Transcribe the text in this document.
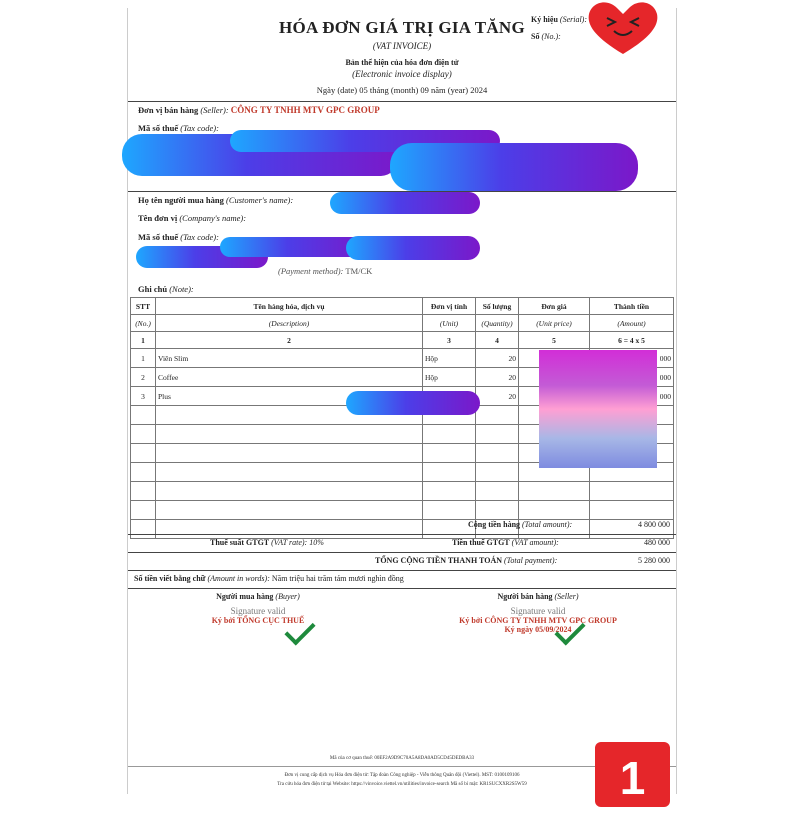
HÓA ĐƠN GIÁ TRỊ GIA TĂNG
(VAT INVOICE)
Bản thể hiện của hóa đơn điện tử
(Electronic invoice display)
Ngày (date) 05 tháng (month) 09 năm (year) 2024
Ký hiệu (Serial):
Số (No.):
Đơn vị bán hàng (Seller): CÔNG TY TNHH MTV GPC GROUP
Mã số thuế (Tax code):
Họ tên người mua hàng (Customer's name):
Tên đơn vị (Company's name):
Mã số thuế (Tax code):
(Payment method): TM/CK
Ghi chú (Note):
STT	Tên hàng hóa, dịch vụ	Đơn vị tính	Số lượng	Đơn giá	Thành tiền
(No.)	(Description)	(Unit)	(Quantity)	(Unit price)	(Amount)
1	2	3	4	5	6 = 4 x 5
1	Viên Slim	Hộp	20		000
2	Coffee	Hộp	20		000
3	Plus		20		000

Cộng tiền hàng (Total amount):	4 800 000
Thuế suất GTGT (VAT rate): 10%	Tiền thuế GTGT (VAT amount):	480 000
TỔNG CỘNG TIỀN THANH TOÁN (Total payment):	5 280 000
Số tiền viết bằng chữ (Amount in words): Năm triệu hai trăm tám mươi nghìn đồng
Người mua hàng (Buyer)
Signature valid
Ký bởi TỔNG CỤC THUẾ
Người bán hàng (Seller)
Signature valid
Ký bởi CÔNG TY TNHH MTV GPC GROUP
Ký ngày 05/09/2024
Mã của cơ quan thuế: 00EF2A9D9C70A5A8DA0AD5CD45DEDBA33
Đơn vị cung cấp dịch vụ Hóa đơn điện tử: Tập đoàn Công nghiệp - Viễn thông Quân đội (Viettel). MST: 0100109106
Tra cứu hóa đơn điện tử tại Website: https://vinvoice.viettel.vn/utilities/invoice-search Mã số bí mật: KR1SUCXXR2S5W59	1
